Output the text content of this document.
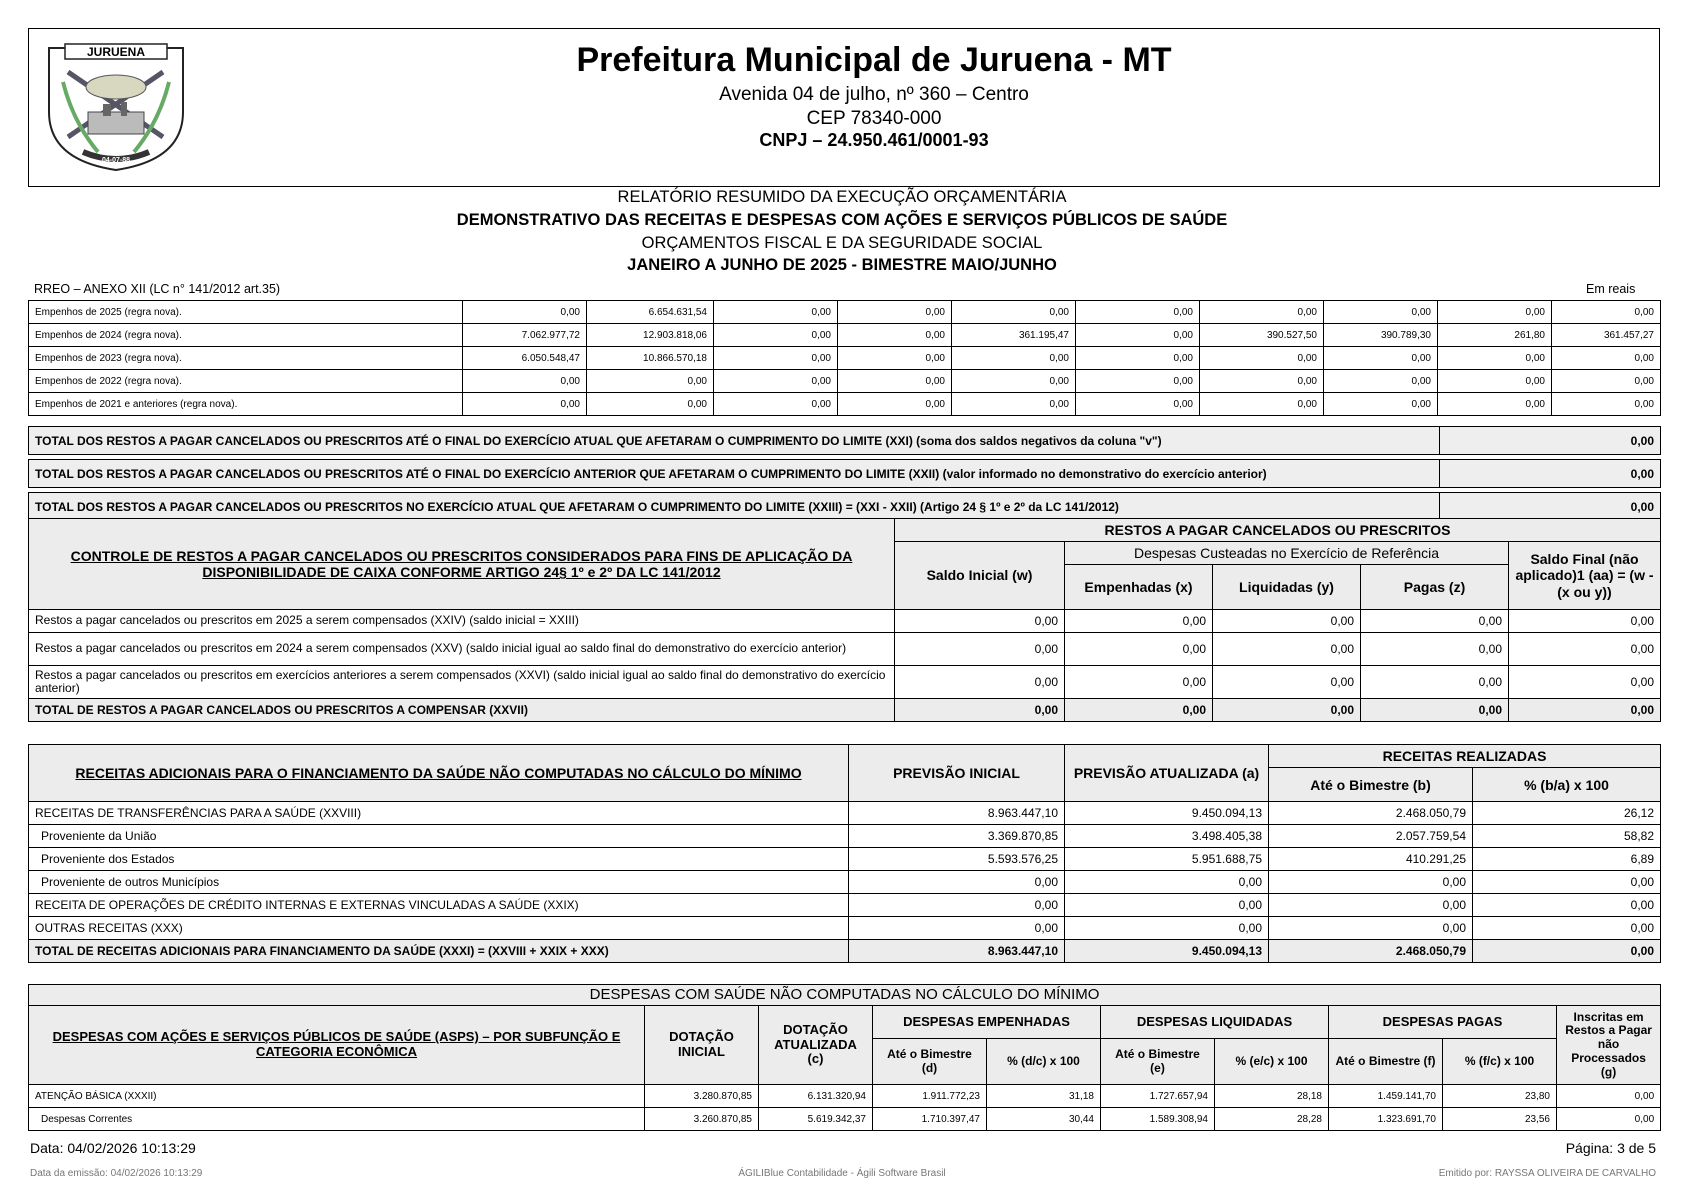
JURUENA
04-07-88
Prefeitura Municipal de Juruena - MT
Avenida 04 de julho, nº 360 – Centro
CEP 78340-000
CNPJ – 24.950.461/0001-93
RELATÓRIO RESUMIDO DA EXECUÇÃO ORÇAMENTÁRIA
DEMONSTRATIVO DAS RECEITAS E DESPESAS COM AÇÕES E SERVIÇOS PÚBLICOS DE SAÚDE
ORÇAMENTOS FISCAL E DA SEGURIDADE SOCIAL
JANEIRO A JUNHO DE 2025 - BIMESTRE MAIO/JUNHO
RREO – ANEXO XII (LC n° 141/2012 art.35)	Em reais
Empenhos de 2025 (regra nova).	0,00	6.654.631,54	0,00	0,00	0,00	0,00	0,00	0,00	0,00	0,00
Empenhos de 2024 (regra nova).	7.062.977,72	12.903.818,06	0,00	0,00	361.195,47	0,00	390.527,50	390.789,30	261,80	361.457,27
Empenhos de 2023 (regra nova).	6.050.548,47	10.866.570,18	0,00	0,00	0,00	0,00	0,00	0,00	0,00	0,00
Empenhos de 2022 (regra nova).	0,00	0,00	0,00	0,00	0,00	0,00	0,00	0,00	0,00	0,00
Empenhos de 2021 e anteriores (regra nova).	0,00	0,00	0,00	0,00	0,00	0,00	0,00	0,00	0,00	0,00
TOTAL DOS RESTOS A PAGAR CANCELADOS OU PRESCRITOS ATÉ O FINAL DO EXERCÍCIO ATUAL QUE AFETARAM O CUMPRIMENTO DO LIMITE (XXI) (soma dos saldos negativos da coluna "v")	0,00

TOTAL DOS RESTOS A PAGAR CANCELADOS OU PRESCRITOS ATÉ O FINAL DO EXERCÍCIO ANTERIOR QUE AFETARAM O CUMPRIMENTO DO LIMITE (XXII) (valor informado no demonstrativo do exercício anterior)	0,00

TOTAL DOS RESTOS A PAGAR CANCELADOS OU PRESCRITOS NO EXERCÍCIO ATUAL QUE AFETARAM O CUMPRIMENTO DO LIMITE (XXIII) = (XXI - XXII) (Artigo 24 § 1º e 2º da LC 141/2012)	0,00
CONTROLE DE RESTOS A PAGAR CANCELADOS OU PRESCRITOS CONSIDERADOS PARA FINS DE APLICAÇÃO DA DISPONIBILIDADE DE CAIXA CONFORME ARTIGO 24§ 1º e 2º DA LC 141/2012	RESTOS A PAGAR CANCELADOS OU PRESCRITOS				
	Saldo Inicial (w)	Despesas Custeadas no Exercício de Referência			Saldo Final (não aplicado)1 (aa) = (w - (x ou y))
		Empenhadas (x)	Liquidadas (y)	Pagas (z)	
Restos a pagar cancelados ou prescritos em 2025 a serem compensados (XXIV) (saldo inicial = XXIII)	0,00	0,00	0,00	0,00	0,00
Restos a pagar cancelados ou prescritos em 2024 a serem compensados (XXV) (saldo inicial igual ao saldo final do demonstrativo do exercício anterior)	0,00	0,00	0,00	0,00	0,00
Restos a pagar cancelados ou prescritos em exercícios anteriores a serem compensados (XXVI) (saldo inicial igual ao saldo final do demonstrativo do exercício anterior)	0,00	0,00	0,00	0,00	0,00
TOTAL DE RESTOS A PAGAR CANCELADOS OU PRESCRITOS A COMPENSAR (XXVII)	0,00	0,00	0,00	0,00	0,00
RECEITAS ADICIONAIS PARA O FINANCIAMENTO DA SAÚDE NÃO COMPUTADAS NO CÁLCULO DO MÍNIMO	PREVISÃO INICIAL	PREVISÃO ATUALIZADA (a)	RECEITAS REALIZADAS	
			Até o Bimestre (b)	% (b/a) x 100
RECEITAS DE TRANSFERÊNCIAS PARA A SAÚDE (XXVIII)	8.963.447,10	9.450.094,13	2.468.050,79	26,12
Proveniente da União	3.369.870,85	3.498.405,38	2.057.759,54	58,82
Proveniente dos Estados	5.593.576,25	5.951.688,75	410.291,25	6,89
Proveniente de outros Municípios	0,00	0,00	0,00	0,00
RECEITA DE OPERAÇÕES DE CRÉDITO INTERNAS E EXTERNAS VINCULADAS A SAÚDE (XXIX)	0,00	0,00	0,00	0,00
OUTRAS RECEITAS (XXX)	0,00	0,00	0,00	0,00
TOTAL DE RECEITAS ADICIONAIS PARA FINANCIAMENTO DA SAÚDE (XXXI) = (XXVIII + XXIX + XXX)	8.963.447,10	9.450.094,13	2.468.050,79	0,00
DESPESAS COM SAÚDE NÃO COMPUTADAS NO CÁLCULO DO MÍNIMO									
DESPESAS COM AÇÕES E SERVIÇOS PÚBLICOS DE SAÚDE (ASPS) – POR SUBFUNÇÃO E CATEGORIA ECONÔMICA	DOTAÇÃO INICIAL	DOTAÇÃO ATUALIZADA (c)	DESPESAS EMPENHADAS		DESPESAS LIQUIDADAS		DESPESAS PAGAS		Inscritas em Restos a Pagar não Processados (g)
			Até o Bimestre (d)	% (d/c) x 100	Até o Bimestre (e)	% (e/c) x 100	Até o Bimestre (f)	% (f/c) x 100	
ATENÇÃO BÁSICA (XXXII)	3.280.870,85	6.131.320,94	1.911.772,23	31,18	1.727.657,94	28,18	1.459.141,70	23,80	0,00
Despesas Correntes	3.260.870,85	5.619.342,37	1.710.397,47	30,44	1.589.308,94	28,28	1.323.691,70	23,56	0,00
Data: 04/02/2026 10:13:29	Página: 3 de 5
Data da emissão: 04/02/2026 10:13:29	ÁGILIBlue Contabilidade - Ágili Software Brasil	Emitido por: RAYSSA OLIVEIRA DE CARVALHO
